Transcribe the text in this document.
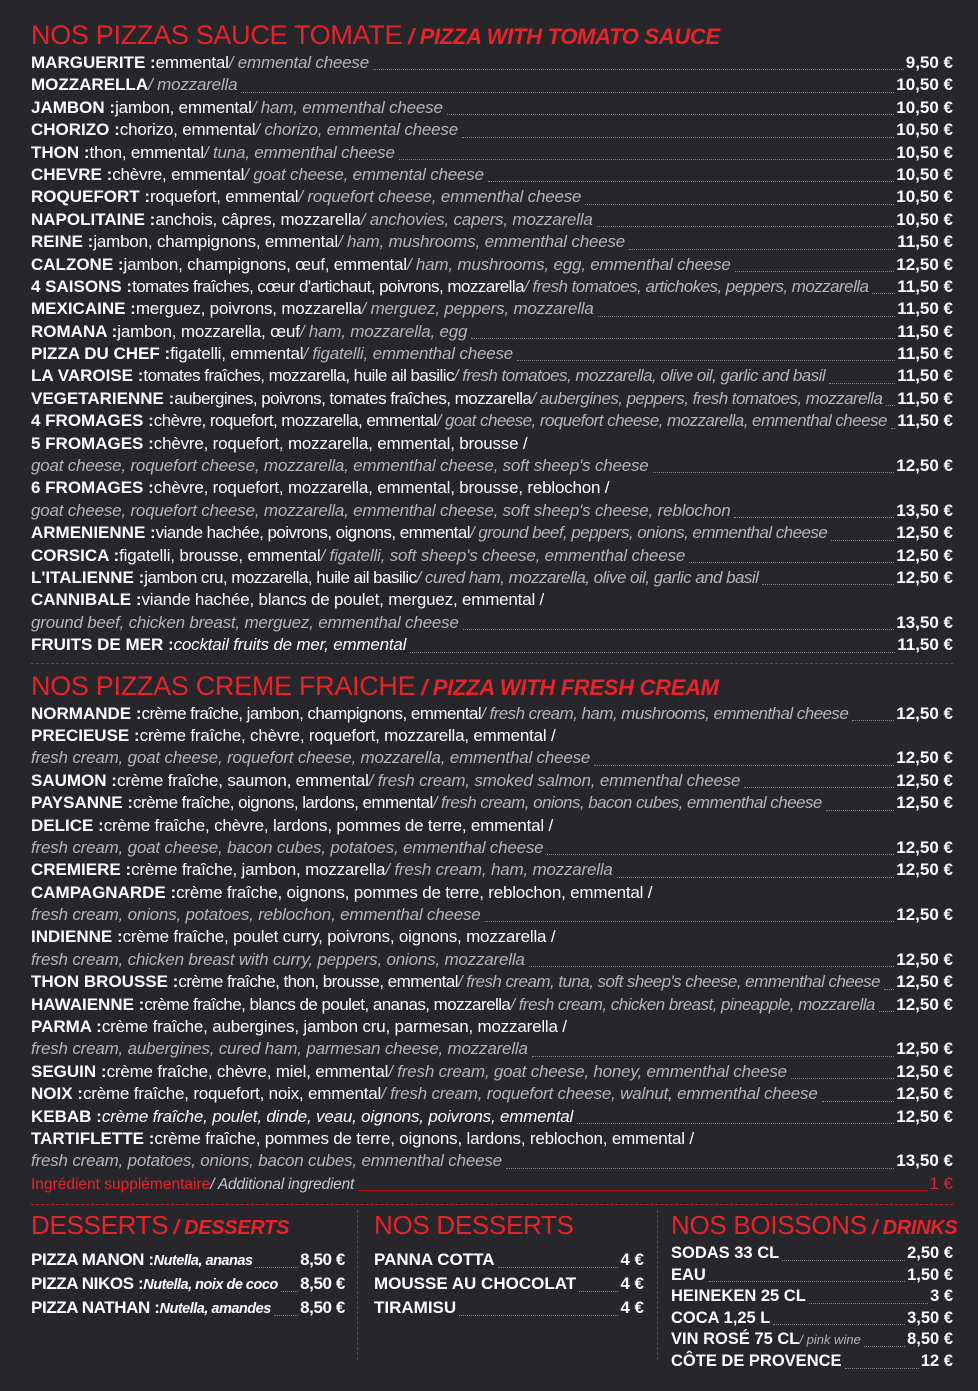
NOS PIZZAS SAUCE TOMATE / PIZZA WITH TOMATO SAUCE
MARGUERITE : emmental / emmental cheese	9,50 €
MOZZARELLA / mozzarella	10,50 €
JAMBON : jambon, emmental / ham, emmenthal cheese	10,50 €
CHORIZO : chorizo, emmental / chorizo, emmental cheese	10,50 €
THON : thon, emmental / tuna, emmenthal cheese	10,50 €
CHEVRE : chèvre, emmental / goat cheese, emmental cheese	10,50 €
ROQUEFORT : roquefort, emmental / roquefort cheese, emmenthal cheese	10,50 €
NAPOLITAINE : anchois, câpres, mozzarella / anchovies, capers, mozzarella	10,50 €
REINE : jambon, champignons, emmental / ham, mushrooms, emmenthal cheese	11,50 €
CALZONE : jambon, champignons, œuf, emmental / ham, mushrooms, egg, emmenthal cheese	12,50 €
4 SAISONS : tomates fraîches, cœur d'artichaut, poivrons, mozzarella / fresh tomatoes, artichokes, peppers, mozzarella 11,50 €
MEXICAINE : merguez, poivrons, mozzarella / merguez, peppers, mozzarella	11,50 €
ROMANA : jambon, mozzarella, œuf / ham, mozzarella, egg	11,50 €
PIZZA DU CHEF : figatelli, emmental / figatelli, emmenthal cheese	11,50 €
LA VAROISE : tomates fraîches, mozzarella, huile ail basilic / fresh tomatoes, mozzarella, olive oil, garlic and basil	11,50 €
VEGETARIENNE : aubergines, poivrons, tomates fraîches, mozzarella / aubergines, peppers, fresh tomatoes, mozzarella 11,50 €
4 FROMAGES : chèvre, roquefort, mozzarella, emmental / goat cheese, roquefort cheese, mozzarella, emmenthal cheese 11,50 €
5 FROMAGES : chèvre, roquefort, mozzarella, emmental, brousse /
goat cheese, roquefort cheese, mozzarella, emmenthal cheese, soft sheep's cheese	12,50 €
6 FROMAGES : chèvre, roquefort, mozzarella, emmental, brousse, reblochon /
goat cheese, roquefort cheese, mozzarella, emmenthal cheese, soft sheep's cheese, reblochon	13,50 €
ARMENIENNE : viande hachée, poivrons, oignons, emmental / ground beef, peppers, onions, emmenthal cheese	12,50 €
CORSICA : figatelli, brousse, emmental / figatelli, soft sheep's cheese, emmenthal cheese	12,50 €
L'ITALIENNE : jambon cru, mozzarella, huile ail basilic / cured ham, mozzarella, olive oil, garlic and basil	12,50 €
CANNIBALE : viande hachée, blancs de poulet, merguez, emmental /
ground beef, chicken breast, merguez, emmenthal cheese	13,50 €
FRUITS DE MER : cocktail fruits de mer, emmental	11,50 €
NOS PIZZAS CREME FRAICHE / PIZZA WITH FRESH CREAM
NORMANDE : crème fraîche, jambon, champignons, emmental / fresh cream, ham, mushrooms, emmenthal cheese	12,50 €
PRECIEUSE : crème fraîche, chèvre, roquefort, mozzarella, emmental /
fresh cream, goat cheese, roquefort cheese, mozzarella, emmenthal cheese	12,50 €
SAUMON : crème fraîche, saumon, emmental / fresh cream, smoked salmon, emmenthal cheese	12,50 €
PAYSANNE : crème fraîche, oignons, lardons, emmental / fresh cream, onions, bacon cubes, emmenthal cheese	12,50 €
DELICE : crème fraîche, chèvre, lardons, pommes de terre, emmental /
fresh cream, goat cheese, bacon cubes, potatoes, emmenthal cheese	12,50 €
CREMIERE : crème fraîche, jambon, mozzarella / fresh cream, ham, mozzarella	12,50 €
CAMPAGNARDE : crème fraîche, oignons, pommes de terre, reblochon, emmental /
fresh cream, onions, potatoes, reblochon, emmenthal cheese	12,50 €
INDIENNE : crème fraîche, poulet curry, poivrons, oignons, mozzarella /
fresh cream, chicken breast with curry, peppers, onions, mozzarella	12,50 €
THON BROUSSE : crème fraîche, thon, brousse, emmental / fresh cream, tuna, soft sheep's cheese, emmenthal cheese 12,50 €
HAWAIENNE : crème fraîche, blancs de poulet, ananas, mozzarella / fresh cream, chicken breast, pineapple, mozzarella 12,50 €
PARMA : crème fraîche, aubergines, jambon cru, parmesan, mozzarella /
fresh cream, aubergines, cured ham, parmesan cheese, mozzarella	12,50 €
SEGUIN : crème fraîche, chèvre, miel, emmental / fresh cream, goat cheese, honey, emmenthal cheese	12,50 €
NOIX : crème fraîche, roquefort, noix, emmental / fresh cream, roquefort cheese, walnut, emmenthal cheese	12,50 €
KEBAB : crème fraîche, poulet, dinde, veau, oignons, poivrons, emmental	12,50 €
TARTIFLETTE : crème fraîche, pommes de terre, oignons, lardons, reblochon, emmental /
fresh cream, potatoes, onions, bacon cubes, emmenthal cheese	13,50 €
Ingrédient supplémentaire / Additional ingredient	1 €
DESSERTS / DESSERTS
PIZZA MANON : Nutella, ananas	8,50 €
PIZZA NIKOS : Nutella, noix de coco 8,50 €
PIZZA NATHAN : Nutella, amandes 8,50 €
NOS DESSERTS
PANNA COTTA	4 €
MOUSSE AU CHOCOLAT	4 €
TIRAMISU	4 €
NOS BOISSONS / DRINKS
SODAS 33 CL	2,50 €
EAU	1,50 €
HEINEKEN 25 CL	3 €
COCA 1,25 L	3,50 €
VIN ROSÉ 75 CL / pink wine	8,50 €
CÔTE DE PROVENCE	12 €
